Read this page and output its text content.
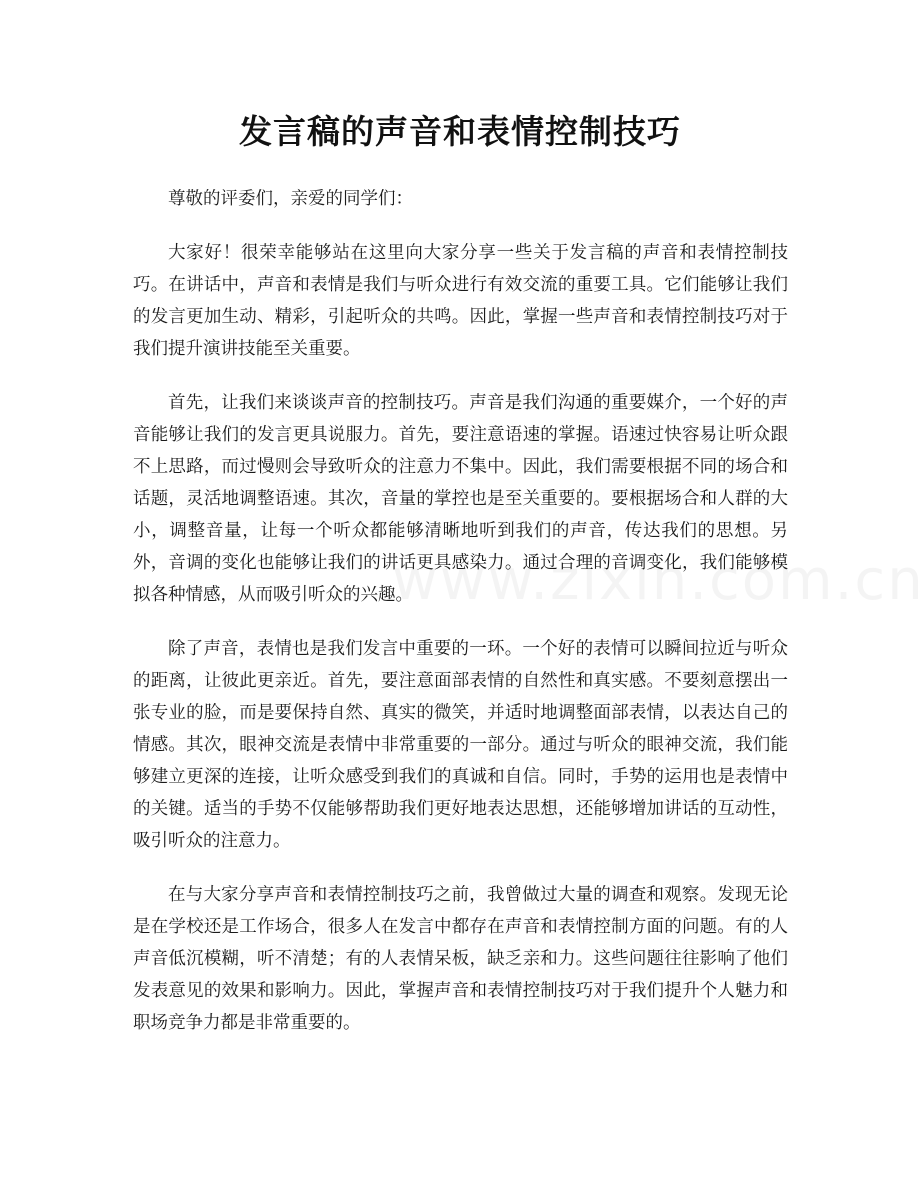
发言稿的声音和表情控制技巧

尊敬的评委们，亲爱的同学们：

大家好！很荣幸能够站在这里向大家分享一些关于发言稿的声音和表情控制技巧。在讲话中，声音和表情是我们与听众进行有效交流的重要工具。它们能够让我们的发言更加生动、精彩，引起听众的共鸣。因此，掌握一些声音和表情控制技巧对于我们提升演讲技能至关重要。

首先，让我们来谈谈声音的控制技巧。声音是我们沟通的重要媒介，一个好的声音能够让我们的发言更具说服力。首先，要注意语速的掌握。语速过快容易让听众跟不上思路，而过慢则会导致听众的注意力不集中。因此，我们需要根据不同的场合和话题，灵活地调整语速。其次，音量的掌控也是至关重要的。要根据场合和人群的大小，调整音量，让每一个听众都能够清晰地听到我们的声音，传达我们的思想。另外，音调的变化也能够让我们的讲话更具感染力。通过合理的音调变化，我们能够模拟各种情感，从而吸引听众的兴趣。

除了声音，表情也是我们发言中重要的一环。一个好的表情可以瞬间拉近与听众的距离，让彼此更亲近。首先，要注意面部表情的自然性和真实感。不要刻意摆出一张专业的脸，而是要保持自然、真实的微笑，并适时地调整面部表情，以表达自己的情感。其次，眼神交流是表情中非常重要的一部分。通过与听众的眼神交流，我们能够建立更深的连接，让听众感受到我们的真诚和自信。同时，手势的运用也是表情中的关键。适当的手势不仅能够帮助我们更好地表达思想，还能够增加讲话的互动性，吸引听众的注意力。

在与大家分享声音和表情控制技巧之前，我曾做过大量的调查和观察。发现无论是在学校还是工作场合，很多人在发言中都存在声音和表情控制方面的问题。有的人声音低沉模糊，听不清楚；有的人表情呆板，缺乏亲和力。这些问题往往影响了他们发表意见的效果和影响力。因此，掌握声音和表情控制技巧对于我们提升个人魅力和职场竞争力都是非常重要的。
